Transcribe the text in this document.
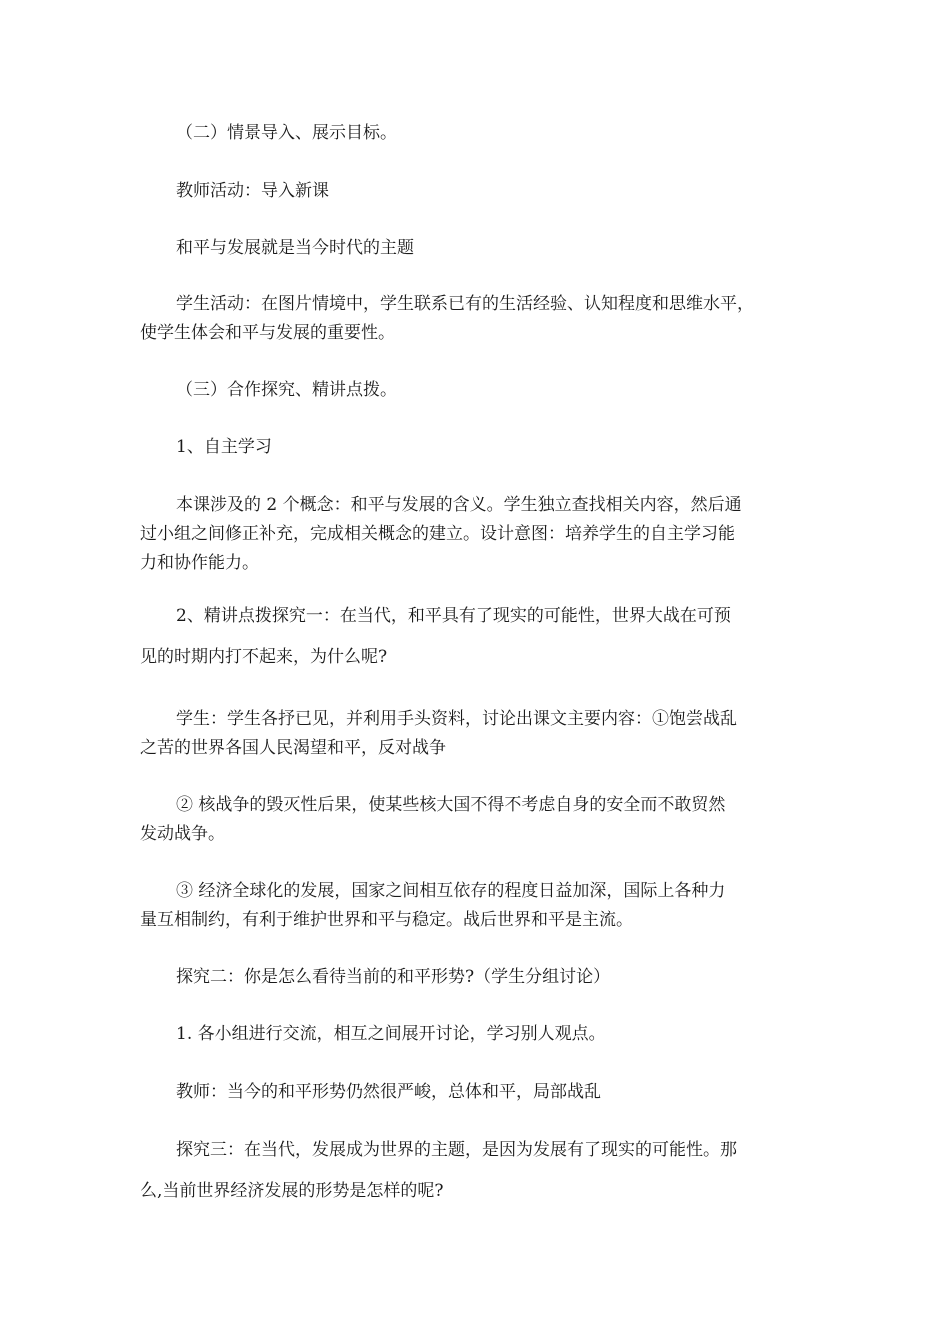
（二）情景导入、展示目标。

教师活动：导入新课

和平与发展就是当今时代的主题

学生活动：在图片情境中，学生联系已有的生活经验、认知程度和思维水平，
使学生体会和平与发展的重要性。

（三）合作探究、精讲点拨。

1、自主学习

本课涉及的 2 个概念：和平与发展的含义。学生独立查找相关内容，然后通
过小组之间修正补充，完成相关概念的建立。设计意图：培养学生的自主学习能
力和协作能力。

2、精讲点拨探究一：在当代，和平具有了现实的可能性，世界大战在可预
见的时期内打不起来，为什么呢?

学生：学生各抒已见，并利用手头资料，讨论出课文主要内容：①饱尝战乱
之苦的世界各国人民渴望和平，反对战争

② 核战争的毁灭性后果，使某些核大国不得不考虑自身的安全而不敢贸然
发动战争。

③ 经济全球化的发展，国家之间相互依存的程度日益加深，国际上各种力
量互相制约，有利于维护世界和平与稳定。战后世界和平是主流。

探究二：你是怎么看待当前的和平形势?（学生分组讨论）

1. 各小组进行交流，相互之间展开讨论，学习别人观点。

教师：当今的和平形势仍然很严峻，总体和平，局部战乱

探究三：在当代，发展成为世界的主题，是因为发展有了现实的可能性。那
么,当前世界经济发展的形势是怎样的呢?
